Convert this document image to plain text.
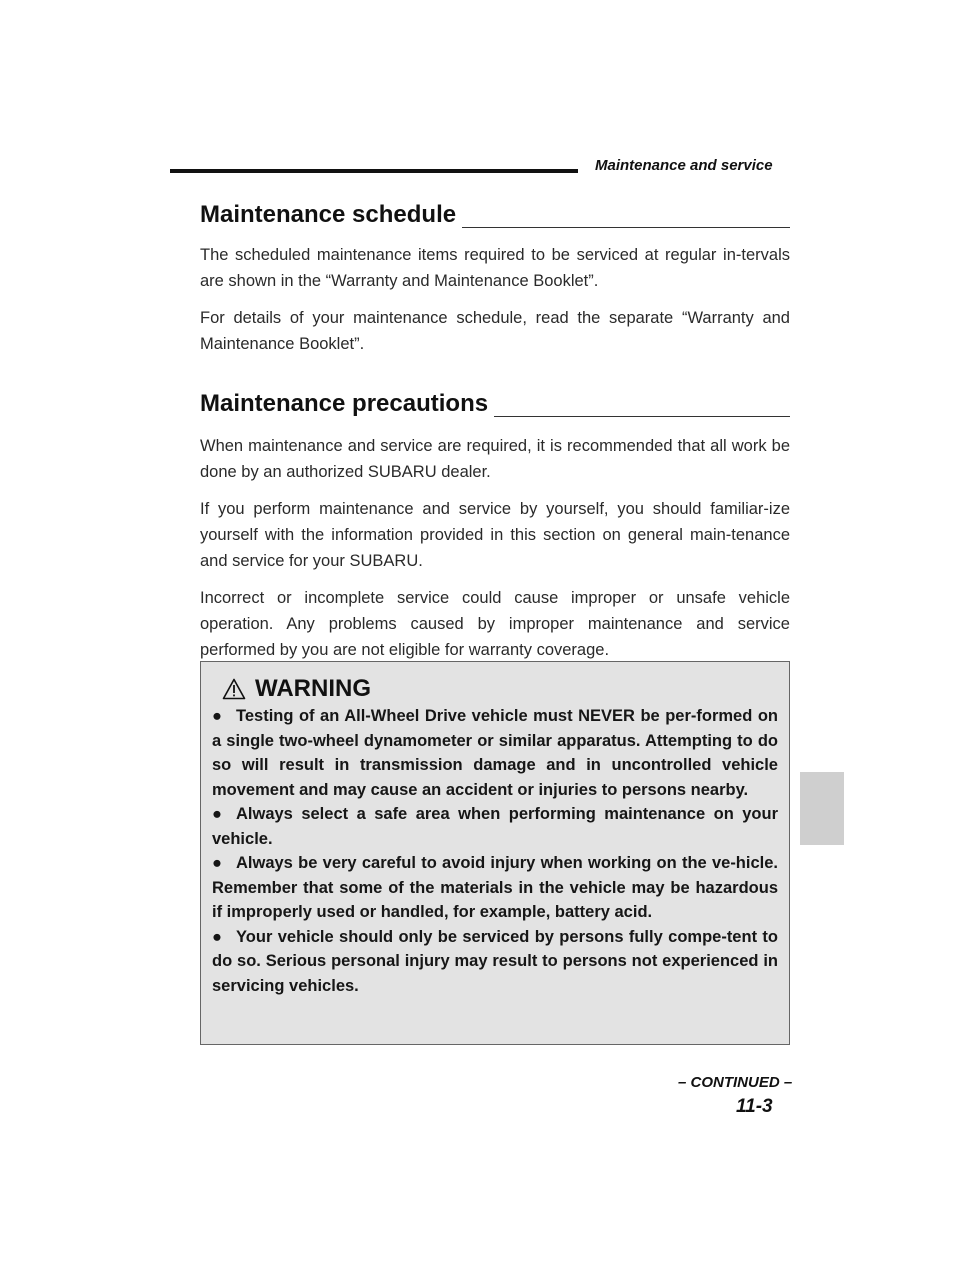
Maintenance and service
Maintenance schedule

The scheduled maintenance items required to be serviced at regular in-tervals are shown in the “Warranty and Maintenance Booklet”.

For details of your maintenance schedule, read the separate “Warranty and Maintenance Booklet”.

Maintenance precautions

When maintenance and service are required, it is recommended that all work be done by an authorized SUBARU dealer.

If you perform maintenance and service by yourself, you should familiar-ize yourself with the information provided in this section on general main-tenance and service for your SUBARU.

Incorrect or incomplete service could cause improper or unsafe vehicle operation. Any problems caused by improper maintenance and service performed by you are not eligible for warranty coverage.

WARNING
● Testing of an All-Wheel Drive vehicle must NEVER be per-formed on a single two-wheel dynamometer or similar apparatus. Attempting to do so will result in transmission damage and in uncontrolled vehicle movement and may cause an accident or injuries to persons nearby.
● Always select a safe area when performing maintenance on your vehicle.
● Always be very careful to avoid injury when working on the ve-hicle. Remember that some of the materials in the vehicle may be hazardous if improperly used or handled, for example, battery acid.
● Your vehicle should only be serviced by persons fully compe-tent to do so. Serious personal injury may result to persons not experienced in servicing vehicles.
– CONTINUED –
11-3
